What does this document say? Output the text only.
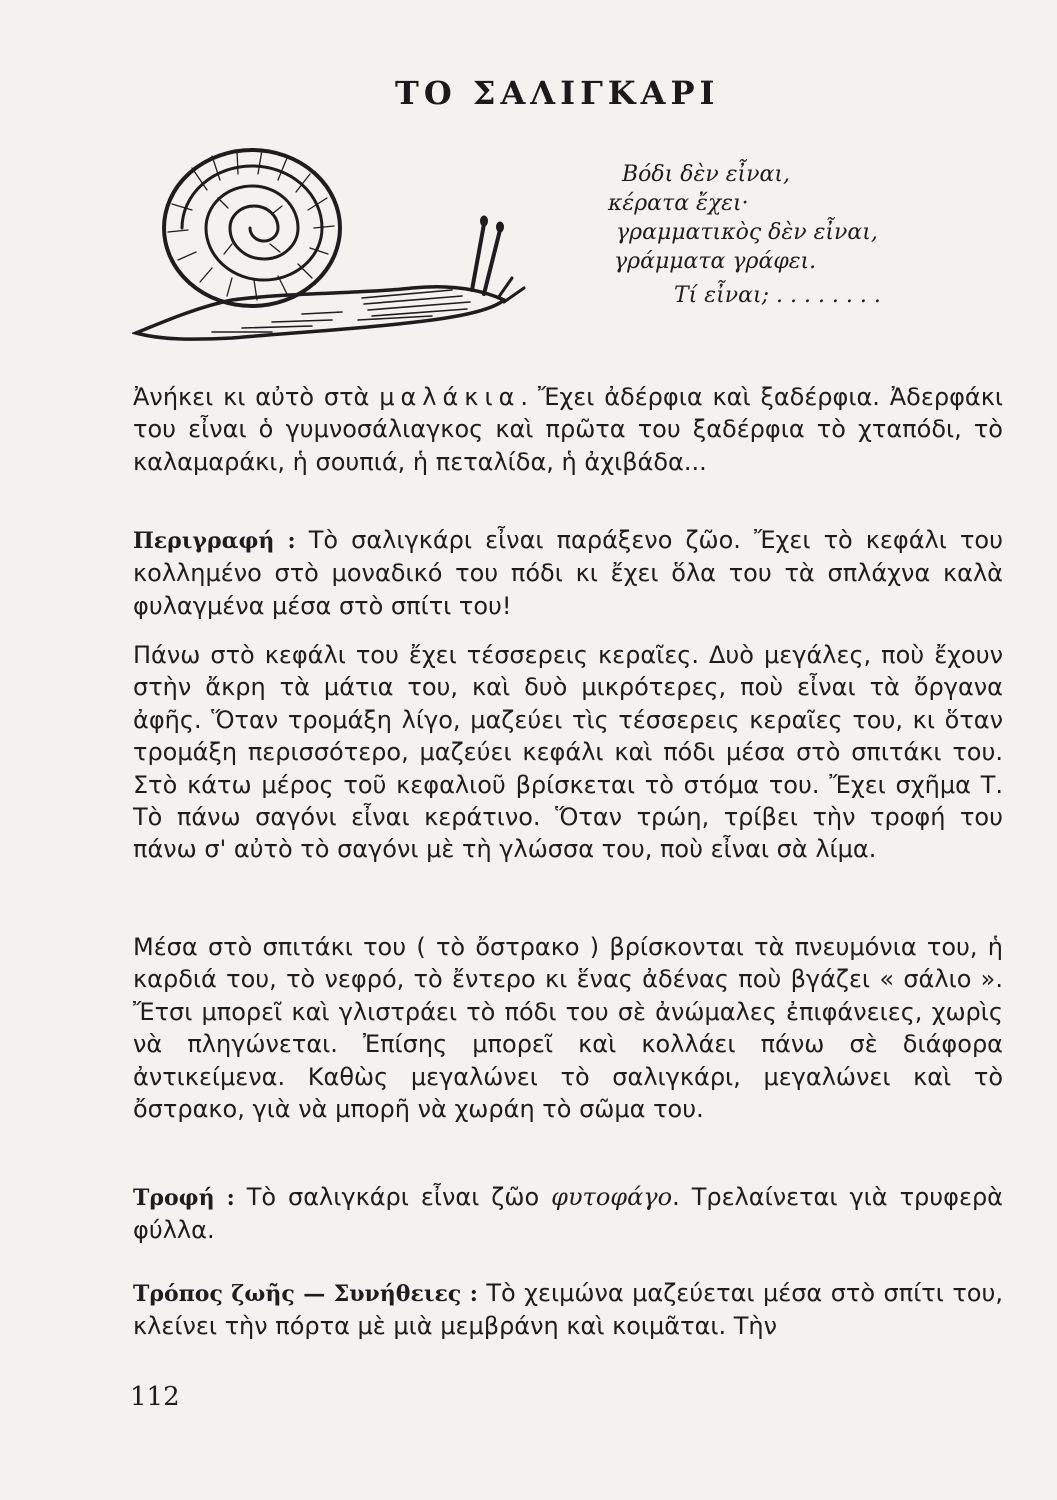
ΤΟ ΣΑΛΙΓΚΑΡΙ
Βόδι δὲν εἶναι,
κέρατα ἔχει·
γραμματικὸς δὲν εἶναι,
γράμματα γράφει.
Τί εἶναι; . . . . . . . .
Ἀνήκει κι αὐτὸ στὰ μαλάκια. Ἔχει ἀδέρφια καὶ ξαδέρφια. Ἀδερφάκι του εἶναι ὁ γυμνοσάλιαγκος καὶ πρῶτα του ξαδέρφια τὸ χταπόδι, τὸ καλαμαράκι, ἡ σουπιά, ἡ πεταλίδα, ἡ ἀχιβάδα...
Περιγραφή : Τὸ σαλιγκάρι εἶναι παράξενο ζῶο. Ἔχει τὸ κεφάλι του κολλημένο στὸ μοναδικό του πόδι κι ἔχει ὅλα του τὰ σπλάχνα καλὰ φυλαγμένα μέσα στὸ σπίτι του!
Πάνω στὸ κεφάλι του ἔχει τέσσερεις κεραῖες. Δυὸ μεγάλες, ποὺ ἔχουν στὴν ἄκρη τὰ μάτια του, καὶ δυὸ μικρότερες, ποὺ εἶναι τὰ ὄργανα ἀφῆς. Ὅταν τρομάξη λίγο, μαζεύει τὶς τέσσερεις κεραῖες του, κι ὅταν τρομάξη περισσότερο, μαζεύει κεφάλι καὶ πόδι μέσα στὸ σπιτάκι του. Στὸ κάτω μέρος τοῦ κεφαλιοῦ βρίσκεται τὸ στόμα του. Ἔχει σχῆμα Τ. Τὸ πάνω σαγόνι εἶναι κεράτινο. Ὅταν τρώη, τρίβει τὴν τροφή του πάνω σ' αὐτὸ τὸ σαγόνι μὲ τὴ γλώσσα του, ποὺ εἶναι σὰ λίμα.
Μέσα στὸ σπιτάκι του ( τὸ ὄστρακο ) βρίσκονται τὰ πνευμόνια του, ἡ καρδιά του, τὸ νεφρό, τὸ ἔντερο κι ἕνας ἀδένας ποὺ βγάζει « σάλιο ». Ἔτσι μπορεῖ καὶ γλιστράει τὸ πόδι του σὲ ἀνώμαλες ἐπιφάνειες, χωρὶς νὰ πληγώνεται. Ἐπίσης μπορεῖ καὶ κολλάει πάνω σὲ διάφορα ἀντικείμενα. Καθὼς μεγαλώνει τὸ σαλιγκάρι, μεγαλώνει καὶ τὸ ὄστρακο, γιὰ νὰ μπορῆ νὰ χωράη τὸ σῶμα του.
Τροφή : Τὸ σαλιγκάρι εἶναι ζῶο φυτοφάγο. Τρελαίνεται γιὰ τρυφερὰ φύλλα.
Τρόπος ζωῆς — Συνήθειες : Τὸ χειμώνα μαζεύεται μέσα στὸ σπίτι του, κλείνει τὴν πόρτα μὲ μιὰ μεμβράνη καὶ κοιμᾶται. Τὴν
112
